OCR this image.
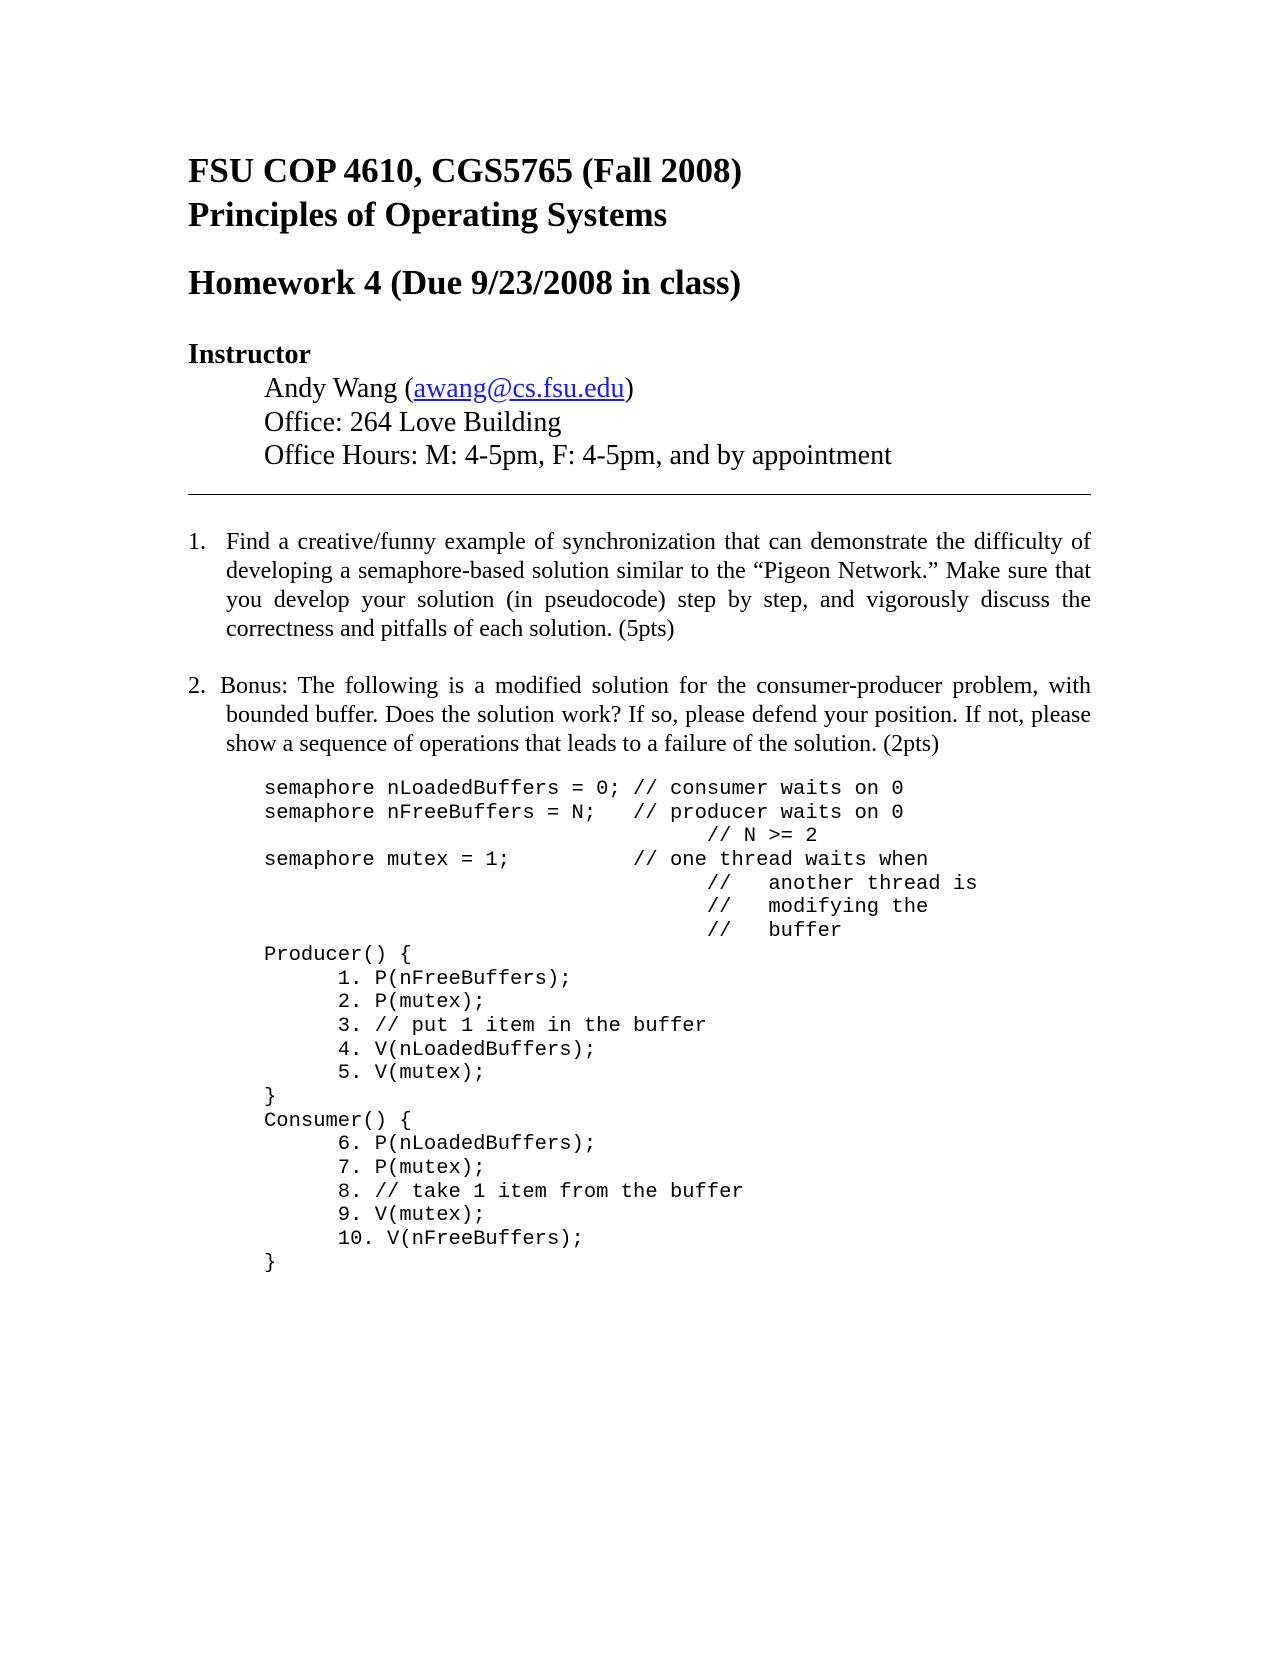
FSU COP 4610, CGS5765 (Fall 2008)
Principles of Operating Systems
Homework 4 (Due 9/23/2008 in class)
Instructor
Andy Wang (awang@cs.fsu.edu)
Office: 264 Love Building
Office Hours: M: 4-5pm, F: 4-5pm, and by appointment
1. Find a creative/funny example of synchronization that can demonstrate the difficulty of developing a semaphore-based solution similar to the “Pigeon Network.” Make sure that you develop your solution (in pseudocode) step by step, and vigorously discuss the correctness and pitfalls of each solution. (5pts)

2. Bonus: The following is a modified solution for the consumer-producer problem, with

bounded buffer. Does the solution work? If so, please defend your position. If not, please show a sequence of operations that leads to a failure of the solution. (2pts)

semaphore nLoadedBuffers = 0; // consumer waits on 0
semaphore nFreeBuffers = N;   // producer waits on 0
// N >= 2
semaphore mutex = 1;          // one thread waits when
//   another thread is
//   modifying the
//   buffer
Producer() {
1. P(nFreeBuffers);
2. P(mutex);
3. // put 1 item in the buffer
4. V(nLoadedBuffers);
5. V(mutex);
}
Consumer() {
6. P(nLoadedBuffers);
7. P(mutex);
8. // take 1 item from the buffer
9. V(mutex);
10. V(nFreeBuffers);
}
